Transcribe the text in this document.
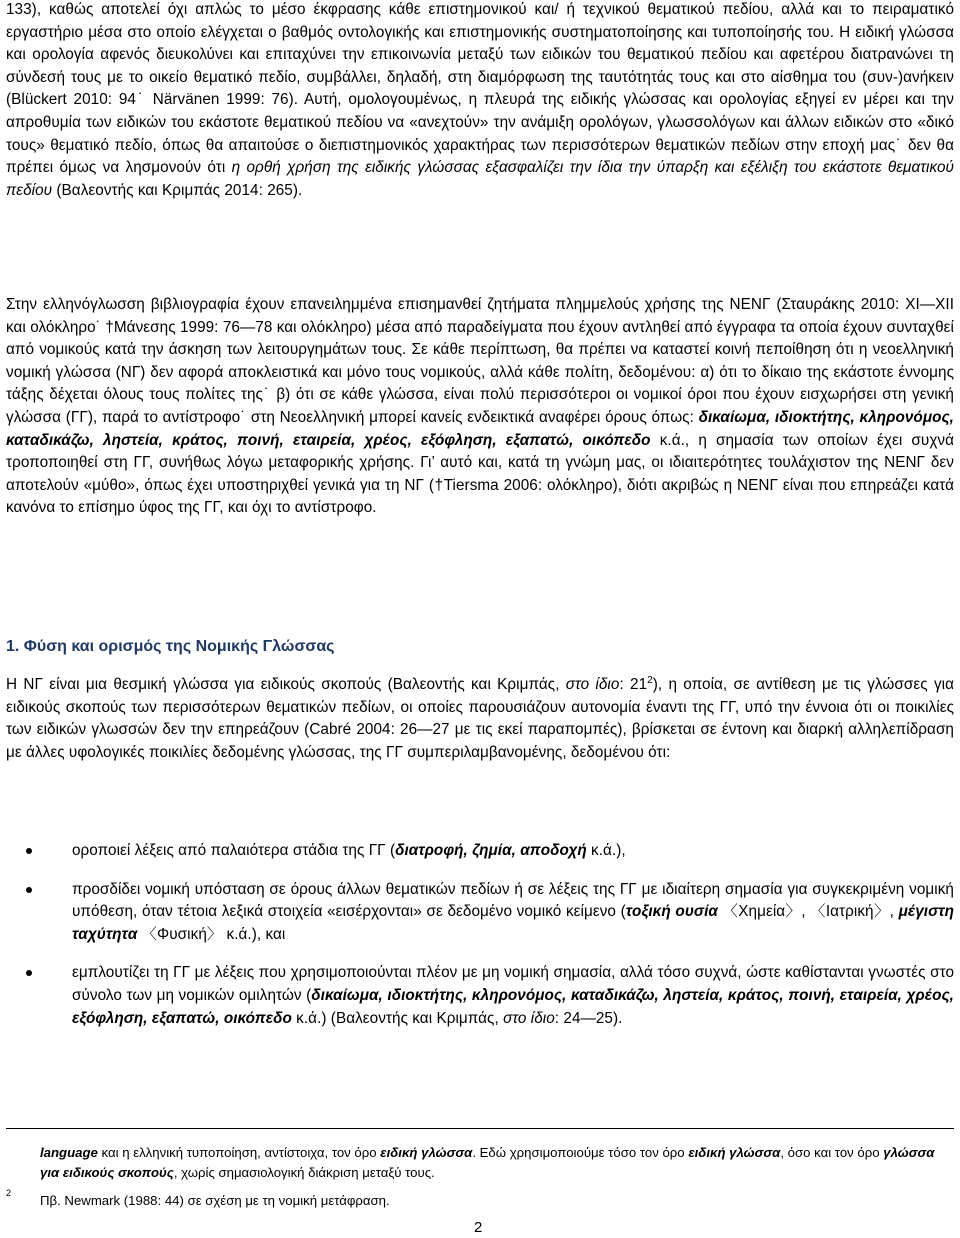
133), καθώς αποτελεί όχι απλώς το μέσο έκφρασης κάθε επιστημονικού και/ ή τεχνικού θεματικού πεδίου, αλλά και το πειραματικό εργαστήριο μέσα στο οποίο ελέγχεται ο βαθμός οντολογικής και επιστημονικής συστηματοποίησης και τυποποίησής του. Η ειδική γλώσσα και ορολογία αφενός διευκολύνει και επιταχύνει την επικοινωνία μεταξύ των ειδικών του θεματικού πεδίου και αφετέρου διατρανώνει τη σύνδεσή τους με το οικείο θεματικό πεδίο, συμβάλλει, δηλαδή, στη διαμόρφωση της ταυτότητάς τους και στο αίσθημα του (συν-)ανήκειν (Blückert 2010: 94˙ Närvänen 1999: 76). Αυτή, ομολογουμένως, η πλευρά της ειδικής γλώσσας και ορολογίας εξηγεί εν μέρει και την απροθυμία των ειδικών του εκάστοτε θεματικού πεδίου να «ανεχτούν» την ανάμιξη ορολόγων, γλωσσολόγων και άλλων ειδικών στο «δικό τους» θεματικό πεδίο, όπως θα απαιτούσε ο διεπιστημονικός χαρακτήρας των περισσότερων θεματικών πεδίων στην εποχή μας˙ δεν θα πρέπει όμως να λησμονούν ότι η ορθή χρήση της ειδικής γλώσσας εξασφαλίζει την ίδια την ύπαρξη και εξέλιξη του εκάστοτε θεματικού πεδίου (Βαλεοντής και Κριμπάς 2014: 265).

Στην ελληνόγλωσση βιβλιογραφία έχουν επανειλημμένα επισημανθεί ζητήματα πλημμελούς χρήσης της ΝΕΝΓ (Σταυράκης 2010: XI—XII και ολόκληρο˙ †Μάνεσης 1999: 76—78 και ολόκληρο) μέσα από παραδείγματα που έχουν αντληθεί από έγγραφα τα οποία έχουν συνταχθεί από νομικούς κατά την άσκηση των λειτουργημάτων τους. Σε κάθε περίπτωση, θα πρέπει να καταστεί κοινή πεποίθηση ότι η νεοελληνική νομική γλώσσα (ΝΓ) δεν αφορά αποκλειστικά και μόνο τους νομικούς, αλλά κάθε πολίτη, δεδομένου: α) ότι το δίκαιο της εκάστοτε έννομης τάξης δέχεται όλους τους πολίτες της˙ β) ότι σε κάθε γλώσσα, είναι πολύ περισσότεροι οι νομικοί όροι που έχουν εισχωρήσει στη γενική γλώσσα (ΓΓ), παρά το αντίστροφο˙ στη Νεοελληνική μπορεί κανείς ενδεικτικά αναφέρει όρους όπως: δικαίωμα, ιδιοκτήτης, κληρονόμος, καταδικάζω, ληστεία, κράτος, ποινή, εταιρεία, χρέος, εξόφληση, εξαπατώ, οικόπεδο κ.ά., η σημασία των οποίων έχει συχνά τροποποιηθεί στη ΓΓ, συνήθως λόγω μεταφορικής χρήσης. Γι’ αυτό και, κατά τη γνώμη μας, οι ιδιαιτερότητες τουλάχιστον της ΝΕΝΓ δεν αποτελούν «μύθο», όπως έχει υποστηριχθεί γενικά για τη ΝΓ (†Tiersma 2006: ολόκληρο), διότι ακριβώς η ΝΕΝΓ είναι που επηρεάζει κατά κανόνα το επίσημο ύφος της ΓΓ, και όχι το αντίστροφο.

1. Φύση και ορισμός της Νομικής Γλώσσας

Η ΝΓ είναι μια θεσμική γλώσσα για ειδικούς σκοπούς (Βαλεοντής και Κριμπάς, στο ίδιο: $21^2$), η οποία, σε αντίθεση με τις γλώσσες για ειδικούς σκοπούς των περισσότερων θεματικών πεδίων, οι οποίες παρουσιάζουν αυτονομία έναντι της ΓΓ, υπό την έννοια ότι οι ποικιλίες των ειδικών γλωσσών δεν την επηρεάζουν (Cabré 2004: 26—27 με τις εκεί παραπομπές), βρίσκεται σε έντονη και διαρκή αλληλεπίδραση με άλλες υφολογικές ποικιλίες δεδομένης γλώσσας, της ΓΓ συμπεριλαμβανομένης, δεδομένου ότι:

οροποιεί λέξεις από παλαιότερα στάδια της ΓΓ (διατροφή, ζημία, αποδοχή κ.ά.),
προσδίδει νομική υπόσταση σε όρους άλλων θεματικών πεδίων ή σε λέξεις της ΓΓ με ιδιαίτερη σημασία για συγκεκριμένη νομική υπόθεση, όταν τέτοια λεξικά στοιχεία «εισέρχονται» σε δεδομένο νομικό κείμενο (τοξική ουσία 〈Χημεία〉, 〈Ιατρική〉, μέγιστη ταχύτητα 〈Φυσική〉 κ.ά.), και
εμπλουτίζει τη ΓΓ με λέξεις που χρησιμοποιούνται πλέον με μη νομική σημασία, αλλά τόσο συχνά, ώστε καθίστανται γνωστές στο σύνολο των μη νομικών ομιλητών (δικαίωμα, ιδιοκτήτης, κληρονόμος, καταδικάζω, ληστεία, κράτος, ποινή, εταιρεία, χρέος, εξόφληση, εξαπατώ, οικόπεδο κ.ά.) (Βαλεοντής και Κριμπάς, στο ίδιο: 24—25).
2
language και η ελληνική τυποποίηση, αντίστοιχα, τον όρο ειδική γλώσσα. Εδώ χρησιμοποιούμε τόσο τον όρο ειδική γλώσσα, όσο και τον όρο γλώσσα για ειδικούς σκοπούς, χωρίς σημασιολογική διάκριση μεταξύ τους.
Πβ. Newmark (1988: 44) σε σχέση με τη νομική μετάφραση.
2
